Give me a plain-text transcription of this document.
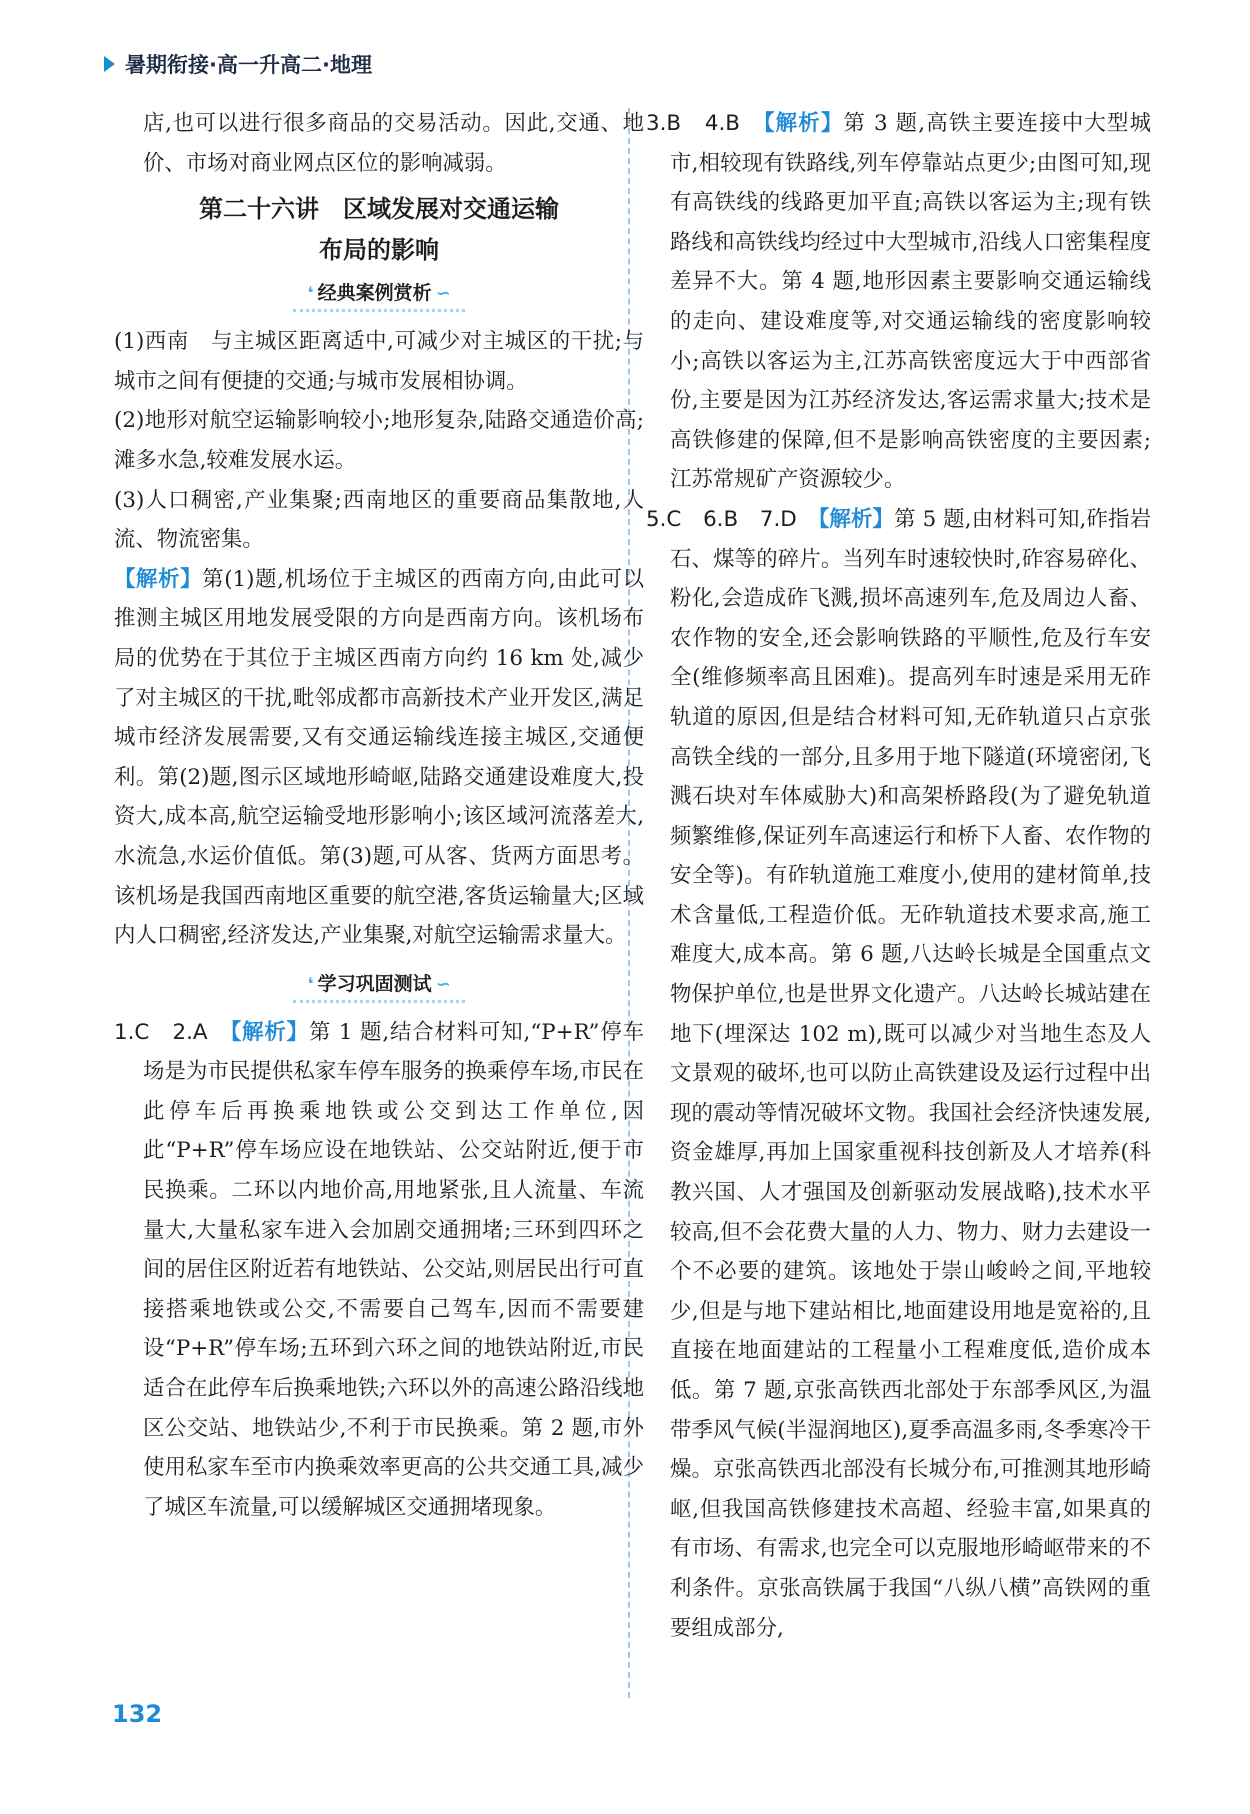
暑期衔接·高一升高二·地理

店,也可以进行很多商品的交易活动。因此,交通、地价、市场对商业网点区位的影响减弱。

第二十六讲　区域发展对交通运输
布局的影响
❛ 经典案例赏析 ∽

(1)西南　与主城区距离适中,可减少对主城区的干扰;与城市之间有便捷的交通;与城市发展相协调。

(2)地形对航空运输影响较小;地形复杂,陆路交通造价高;滩多水急,较难发展水运。

(3)人口稠密,产业集聚;西南地区的重要商品集散地,人流、物流密集。

【解析】第(1)题,机场位于主城区的西南方向,由此可以推测主城区用地发展受限的方向是西南方向。该机场布局的优势在于其位于主城区西南方向约 16 km 处,减少了对主城区的干扰,毗邻成都市高新技术产业开发区,满足城市经济发展需要,又有交通运输线连接主城区,交通便利。第(2)题,图示区域地形崎岖,陆路交通建设难度大,投资大,成本高,航空运输受地形影响小;该区域河流落差大,水流急,水运价值低。第(3)题,可从客、货两方面思考。该机场是我国西南地区重要的航空港,客货运输量大;区域内人口稠密,经济发达,产业集聚,对航空运输需求量大。

❛ 学习巩固测试 ∽

1.C　2.A　【解析】第 1 题,结合材料可知,“P+R”停车场是为市民提供私家车停车服务的换乘停车场,市民在此停车后再换乘地铁或公交到达工作单位,因此“P+R”停车场应设在地铁站、公交站附近,便于市民换乘。二环以内地价高,用地紧张,且人流量、车流量大,大量私家车进入会加剧交通拥堵;三环到四环之间的居住区附近若有地铁站、公交站,则居民出行可直接搭乘地铁或公交,不需要自己驾车,因而不需要建设“P+R”停车场;五环到六环之间的地铁站附近,市民适合在此停车后换乘地铁;六环以外的高速公路沿线地区公交站、地铁站少,不利于市民换乘。第 2 题,市外使用私家车至市内换乘效率更高的公共交通工具,减少了城区车流量,可以缓解城区交通拥堵现象。

3.B　4.B　【解析】第 3 题,高铁主要连接中大型城市,相较现有铁路线,列车停靠站点更少;由图可知,现有高铁线的线路更加平直;高铁以客运为主;现有铁路线和高铁线均经过中大型城市,沿线人口密集程度差异不大。第 4 题,地形因素主要影响交通运输线的走向、建设难度等,对交通运输线的密度影响较小;高铁以客运为主,江苏高铁密度远大于中西部省份,主要是因为江苏经济发达,客运需求量大;技术是高铁修建的保障,但不是影响高铁密度的主要因素;江苏常规矿产资源较少。

5.C　6.B　7.D　【解析】第 5 题,由材料可知,砟指岩石、煤等的碎片。当列车时速较快时,砟容易碎化、粉化,会造成砟飞溅,损坏高速列车,危及周边人畜、农作物的安全,还会影响铁路的平顺性,危及行车安全(维修频率高且困难)。提高列车时速是采用无砟轨道的原因,但是结合材料可知,无砟轨道只占京张高铁全线的一部分,且多用于地下隧道(环境密闭,飞溅石块对车体威胁大)和高架桥路段(为了避免轨道频繁维修,保证列车高速运行和桥下人畜、农作物的安全等)。有砟轨道施工难度小,使用的建材简单,技术含量低,工程造价低。无砟轨道技术要求高,施工难度大,成本高。第 6 题,八达岭长城是全国重点文物保护单位,也是世界文化遗产。八达岭长城站建在地下(埋深达 102 m),既可以减少对当地生态及人文景观的破坏,也可以防止高铁建设及运行过程中出现的震动等情况破坏文物。我国社会经济快速发展,资金雄厚,再加上国家重视科技创新及人才培养(科教兴国、人才强国及创新驱动发展战略),技术水平较高,但不会花费大量的人力、物力、财力去建设一个不必要的建筑。该地处于崇山峻岭之间,平地较少,但是与地下建站相比,地面建设用地是宽裕的,且直接在地面建站的工程量小工程难度低,造价成本低。第 7 题,京张高铁西北部处于东部季风区,为温带季风气候(半湿润地区),夏季高温多雨,冬季寒冷干燥。京张高铁西北部没有长城分布,可推测其地形崎岖,但我国高铁修建技术高超、经验丰富,如果真的有市场、有需求,也完全可以克服地形崎岖带来的不利条件。京张高铁属于我国“八纵八横”高铁网的重要组成部分,

132
